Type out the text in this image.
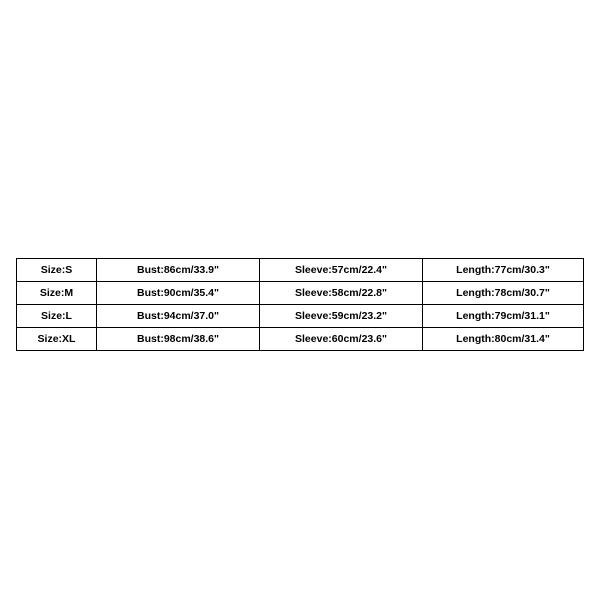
Size:S	Bust:86cm/33.9"	Sleeve:57cm/22.4"	Length:77cm/30.3"
Size:M	Bust:90cm/35.4"	Sleeve:58cm/22.8"	Length:78cm/30.7"
Size:L	Bust:94cm/37.0"	Sleeve:59cm/23.2"	Length:79cm/31.1"
Size:XL	Bust:98cm/38.6"	Sleeve:60cm/23.6"	Length:80cm/31.4"
